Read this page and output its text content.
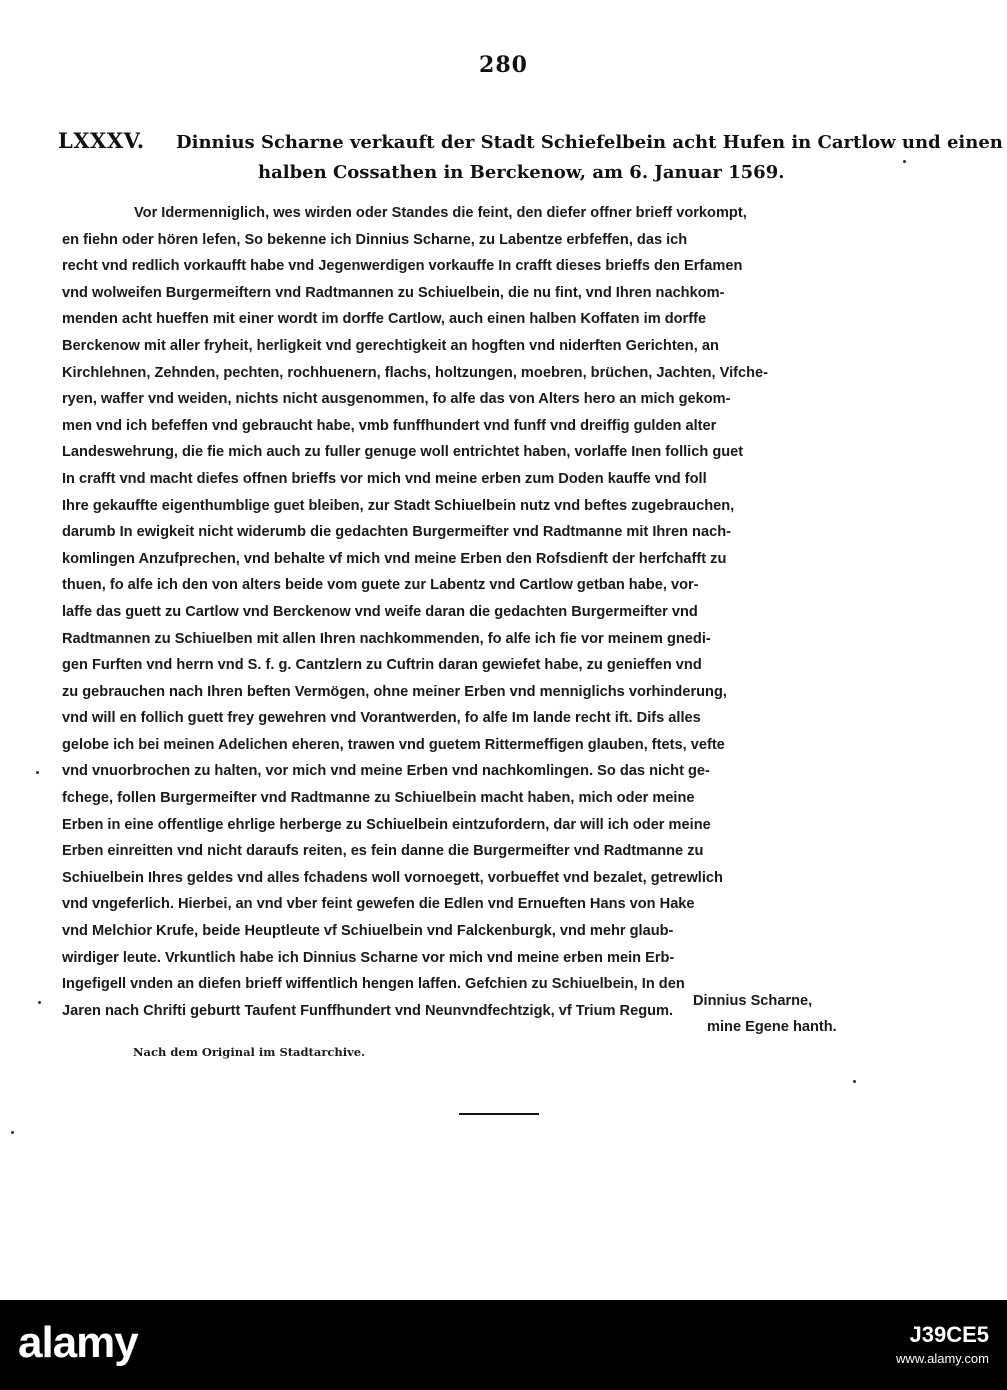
280
LXXXV. Dinnius Scharne verkauft der Stadt Schiefelbein acht Hufen in Cartlow und einen
halben Cossathen in Berckenow, am 6. Januar 1569.
Vor Idermenniglich, wes wirden oder Standes die feint, den diefer offner brieff vorkompt,
en fiehn oder hören lefen, So bekenne ich Dinnius Scharne, zu Labentze erbfeffen, das ich
recht vnd redlich vorkaufft habe vnd Jegenwerdigen vorkauffe In crafft dieses brieffs den Erfamen
vnd wolweifen Burgermeiftern vnd Radtmannen zu Schiuelbein, die nu fint, vnd Ihren nachkom-
menden acht hueffen mit einer wordt im dorffe Cartlow, auch einen halben Koffaten im dorffe
Berckenow mit aller fryheit, herligkeit vnd gerechtigkeit an hogften vnd niderften Gerichten, an
Kirchlehnen, Zehnden, pechten, rochhuenern, flachs, holtzungen, moebren, brüchen, Jachten, Vifche-
ryen, waffer vnd weiden, nichts nicht ausgenommen, fo alfe das von Alters hero an mich gekom-
men vnd ich befeffen vnd gebraucht habe, vmb funffhundert vnd funff vnd dreiffig gulden alter
Landeswehrung, die fie mich auch zu fuller genuge woll entrichtet haben, vorlaffe Inen follich guet
In crafft vnd macht diefes offnen brieffs vor mich vnd meine erben zum Doden kauffe vnd foll
Ihre gekauffte eigenthumblige guet bleiben, zur Stadt Schiuelbein nutz vnd beftes zugebrauchen,
darumb In ewigkeit nicht widerumb die gedachten Burgermeifter vnd Radtmanne mit Ihren nach-
komlingen Anzufprechen, vnd behalte vf mich vnd meine Erben den Rofsdienft der herfchafft zu
thuen, fo alfe ich den von alters beide vom guete zur Labentz vnd Cartlow getban habe, vor-
laffe das guett zu Cartlow vnd Berckenow vnd weife daran die gedachten Burgermeifter vnd
Radtmannen zu Schiuelben mit allen Ihren nachkommenden, fo alfe ich fie vor meinem gnedi-
gen Furften vnd herrn vnd S. f. g. Cantzlern zu Cuftrin daran gewiefet habe, zu genieffen vnd
zu gebrauchen nach Ihren beften Vermögen, ohne meiner Erben vnd menniglichs vorhinderung,
vnd will en follich guett frey gewehren vnd Vorantwerden, fo alfe Im lande recht ift. Difs alles
gelobe ich bei meinen Adelichen eheren, trawen vnd guetem Rittermeffigen glauben, ftets, vefte
vnd vnuorbrochen zu halten, vor mich vnd meine Erben vnd nachkomlingen. So das nicht ge-
fchege, follen Burgermeifter vnd Radtmanne zu Schiuelbein macht haben, mich oder meine
Erben in eine offentlige ehrlige herberge zu Schiuelbein eintzufordern, dar will ich oder meine
Erben einreitten vnd nicht daraufs reiten, es fein danne die Burgermeifter vnd Radtmanne zu
Schiuelbein Ihres geldes vnd alles fchadens woll vornoegett, vorbueffet vnd bezalet, getrewlich
vnd vngeferlich. Hierbei, an vnd vber feint gewefen die Edlen vnd Ernueften Hans von Hake
vnd Melchior Krufe, beide Heuptleute vf Schiuelbein vnd Falckenburgk, vnd mehr glaub-
wirdiger leute. Vrkuntlich habe ich Dinnius Scharne vor mich vnd meine erben mein Erb-
Ingefigell vnden an diefen brieff wiffentlich hengen laffen. Gefchien zu Schiuelbein, In den
Jaren nach Chrifti geburtt Taufent Funffhundert vnd Neunvndfechtzigk, vf Trium Regum.
Dinnius Scharne,
mine Egene hanth.
Nach dem Original im Stadtarchive.
alamy	J39CE5
www.alamy.com
